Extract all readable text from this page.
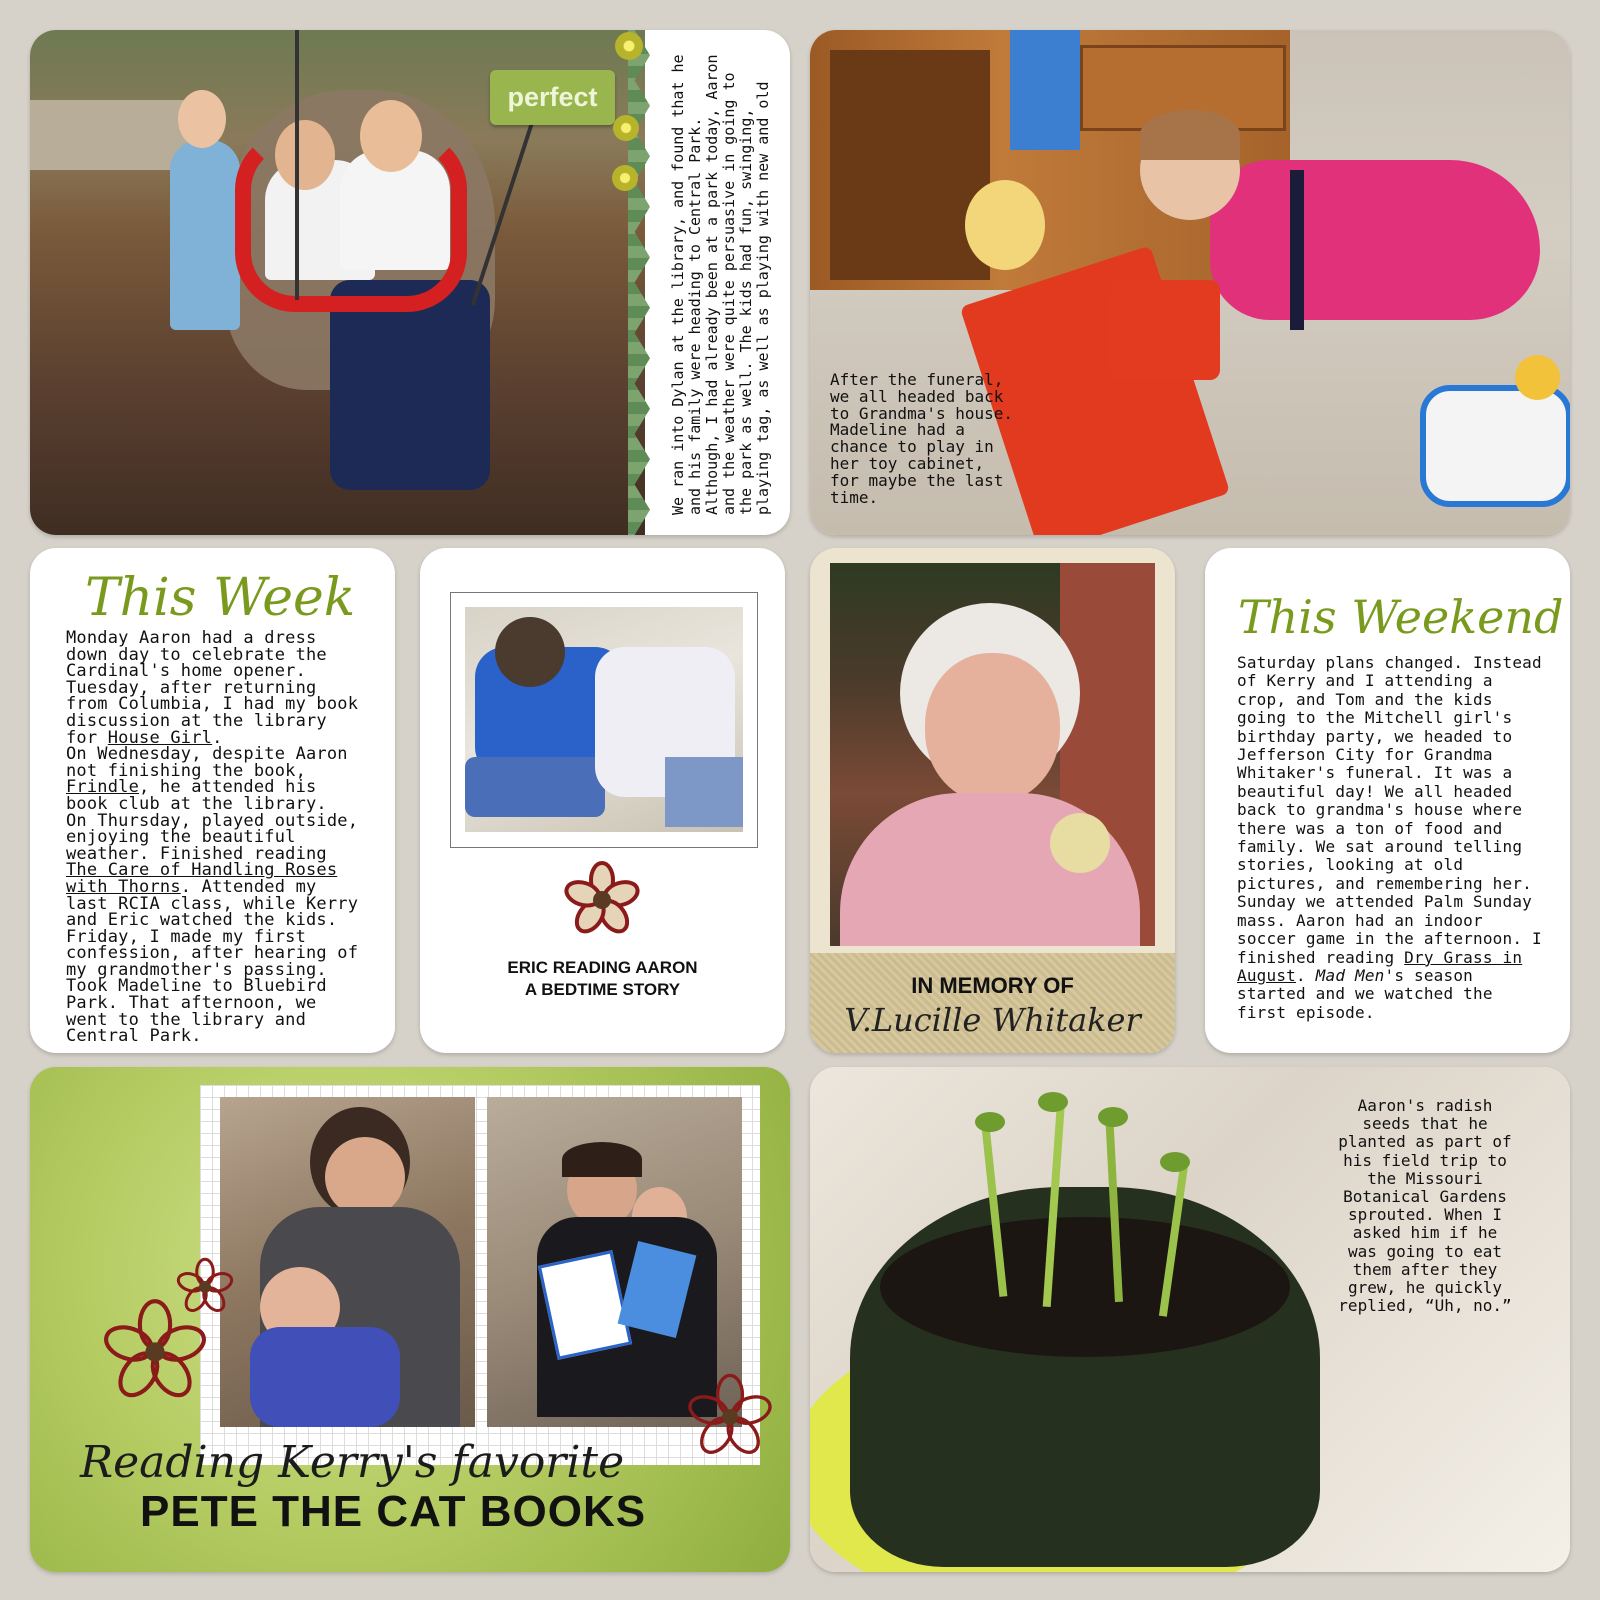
perfect	We ran into Dylan at the library, and found that he and his family were heading to Central Park. Although, I had already been at a park today, Aaron and the weather were quite persuasive in going to the park as well. The kids had fun, swinging, playing tag, as well as playing with new and old	After the funeral, we all headed back to Grandma's house. Madeline had a chance to play in her toy cabinet, for maybe the last time.
This Week

Monday Aaron had a dress down day to celebrate the Cardinal's home opener.

Tuesday, after returning from Columbia, I had my book discussion at the library for House Girl.

On Wednesday, despite Aaron not finishing the book, Frindle, he attended his book club at the library.

On Thursday, played outside, enjoying the beautiful weather. Finished reading The Care of Handling Roses with Thorns. Attended my last RCIA class, while Kerry and Eric watched the kids.

Friday, I made my first confession, after hearing of my grandmother's passing. Took Madeline to Bluebird Park. That afternoon, we went to the library and Central Park.

ERIC READING AARON
A BEDTIME STORY	IN MEMORY OF
V.Lucille Whitaker
This Weekend

Saturday plans changed. Instead of Kerry and I attending a crop, and Tom and the kids going to the Mitchell girl's birthday party, we headed to Jefferson City for Grandma Whitaker's funeral. It was a beautiful day! We all headed back to grandma's house where there was a ton of food and family. We sat around telling stories, looking at old pictures, and remembering her.

Sunday we attended Palm Sunday mass. Aaron had an indoor soccer game in the afternoon. I finished reading Dry Grass in August. Mad Men's season started and we watched the first episode.

Reading Kerry's favorite
PETE THE CAT BOOKS
Aaron's radish seeds that he planted as part of his field trip to the Missouri Botanical Gardens sprouted. When I asked him if he was going to eat them after they grew, he quickly replied, “Uh, no.”
